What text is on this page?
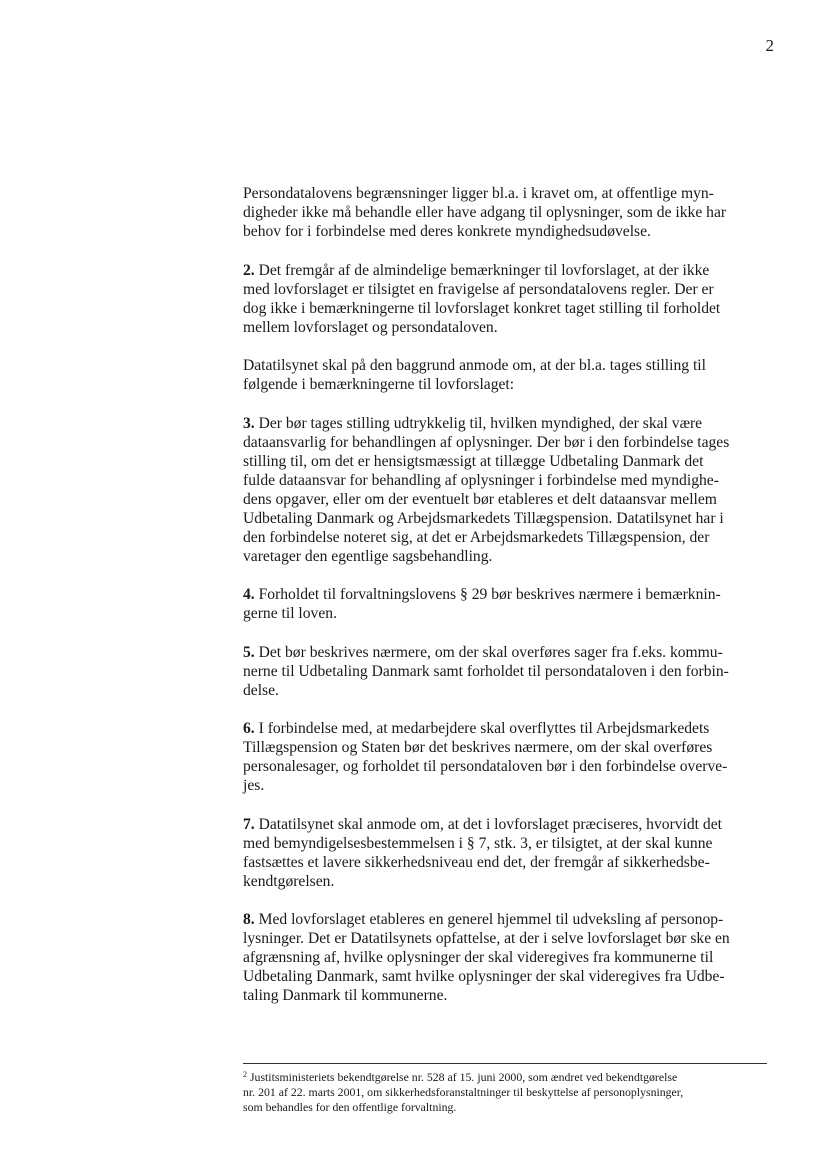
2

Persondatalovens begrænsninger ligger bl.a. i kravet om, at offentlige myn-
digheder ikke må behandle eller have adgang til oplysninger, som de ikke har
behov for i forbindelse med deres konkrete myndighedsudøvelse.

2. Det fremgår af de almindelige bemærkninger til lovforslaget, at der ikke
med lovforslaget er tilsigtet en fravigelse af persondatalovens regler. Der er
dog ikke i bemærkningerne til lovforslaget konkret taget stilling til forholdet
mellem lovforslaget og persondataloven.

Datatilsynet skal på den baggrund anmode om, at der bl.a. tages stilling til
følgende i bemærkningerne til lovforslaget:

3. Der bør tages stilling udtrykkelig til, hvilken myndighed, der skal være
dataansvarlig for behandlingen af oplysninger. Der bør i den forbindelse tages
stilling til, om det er hensigtsmæssigt at tillægge Udbetaling Danmark det
fulde dataansvar for behandling af oplysninger i forbindelse med myndighe-
dens opgaver, eller om der eventuelt bør etableres et delt dataansvar mellem
Udbetaling Danmark og Arbejdsmarkedets Tillægspension. Datatilsynet har i
den forbindelse noteret sig, at det er Arbejdsmarkedets Tillægspension, der
varetager den egentlige sagsbehandling.

4. Forholdet til forvaltningslovens § 29 bør beskrives nærmere i bemærknin-
gerne til loven.

5. Det bør beskrives nærmere, om der skal overføres sager fra f.eks. kommu-
nerne til Udbetaling Danmark samt forholdet til persondataloven i den forbin-
delse.

6. I forbindelse med, at medarbejdere skal overflyttes til Arbejdsmarkedets
Tillægspension og Staten bør det beskrives nærmere, om der skal overføres
personalesager, og forholdet til persondataloven bør i den forbindelse overve-
jes.

7. Datatilsynet skal anmode om, at det i lovforslaget præciseres, hvorvidt det
med bemyndigelsesbestemmelsen i § 7, stk. 3, er tilsigtet, at der skal kunne
fastsættes et lavere sikkerhedsniveau end det, der fremgår af sikkerhedsbe-
kendtgørelsen.

8. Med lovforslaget etableres en generel hjemmel til udveksling af personop-
lysninger. Det er Datatilsynets opfattelse, at der i selve lovforslaget bør ske en
afgrænsning af, hvilke oplysninger der skal videregives fra kommunerne til
Udbetaling Danmark, samt hvilke oplysninger der skal videregives fra Udbe-
taling Danmark til kommunerne.

$^2$ Justitsministeriets bekendtgørelse nr. 528 af 15. juni 2000, som ændret ved bekendtgørelse
nr. 201 af 22. marts 2001, om sikkerhedsforanstaltninger til beskyttelse af personoplysninger,
som behandles for den offentlige forvaltning.
